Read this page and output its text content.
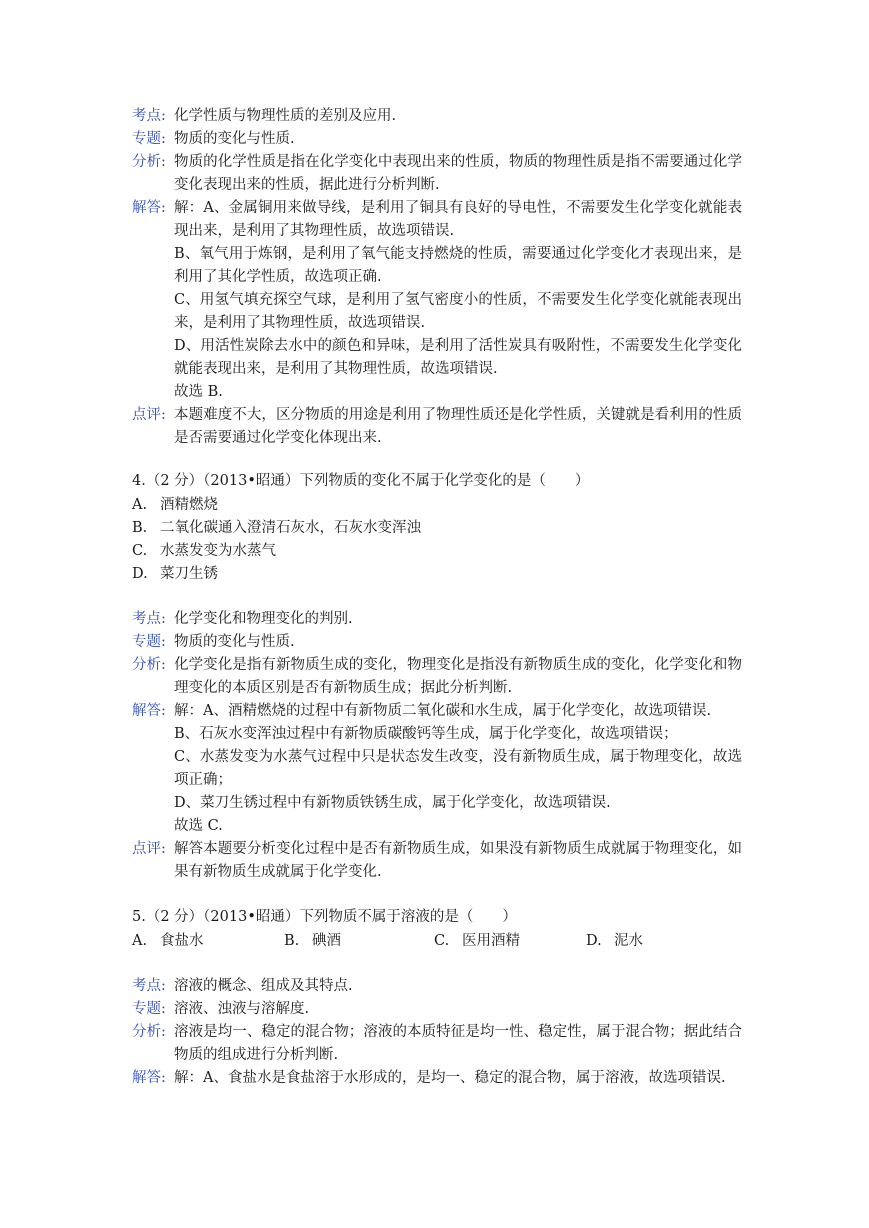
考点: 化学性质与物理性质的差别及应用.

专题: 物质的变化与性质.

分析: 物质的化学性质是指在化学变化中表现出来的性质，物质的物理性质是指不需要通过化学变化表现出来的性质，据此进行分析判断.

解答: 解：A、金属铜用来做导线，是利用了铜具有良好的导电性，不需要发生化学变化就能表现出来，是利用了其物理性质，故选项错误.

B、氧气用于炼钢，是利用了氧气能支持燃烧的性质，需要通过化学变化才表现出来，是利用了其化学性质，故选项正确.

C、用氢气填充探空气球，是利用了氢气密度小的性质，不需要发生化学变化就能表现出来，是利用了其物理性质，故选项错误.

D、用活性炭除去水中的颜色和异味，是利用了活性炭具有吸附性，不需要发生化学变化就能表现出来，是利用了其物理性质，故选项错误.

故选 B.

点评: 本题难度不大，区分物质的用途是利用了物理性质还是化学性质，关键就是看利用的性质是否需要通过化学变化体现出来.

4.（2 分）（2013•昭通）下列物质的变化不属于化学变化的是（　　）
A. 酒精燃烧
B. 二氧化碳通入澄清石灰水，石灰水变浑浊
C. 水蒸发变为水蒸气
D. 菜刀生锈
考点: 化学变化和物理变化的判别.

专题: 物质的变化与性质.

分析: 化学变化是指有新物质生成的变化，物理变化是指没有新物质生成的变化，化学变化和物理变化的本质区别是否有新物质生成；据此分析判断.

解答: 解：A、酒精燃烧的过程中有新物质二氧化碳和水生成，属于化学变化，故选项错误.

B、石灰水变浑浊过程中有新物质碳酸钙等生成，属于化学变化，故选项错误；

C、水蒸发变为水蒸气过程中只是状态发生改变，没有新物质生成，属于物理变化，故选项正确；

D、菜刀生锈过程中有新物质铁锈生成，属于化学变化，故选项错误.

故选 C.

点评: 解答本题要分析变化过程中是否有新物质生成，如果没有新物质生成就属于物理变化，如果有新物质生成就属于化学变化.

5.（2 分）（2013•昭通）下列物质不属于溶液的是（　　）
A. 食盐水	B. 碘酒	C. 医用酒精	D. 泥水
考点: 溶液的概念、组成及其特点.

专题: 溶液、浊液与溶解度.

分析: 溶液是均一、稳定的混合物；溶液的本质特征是均一性、稳定性，属于混合物；据此结合物质的组成进行分析判断.

解答: 解：A、食盐水是食盐溶于水形成的，是均一、稳定的混合物，属于溶液，故选项错误.
